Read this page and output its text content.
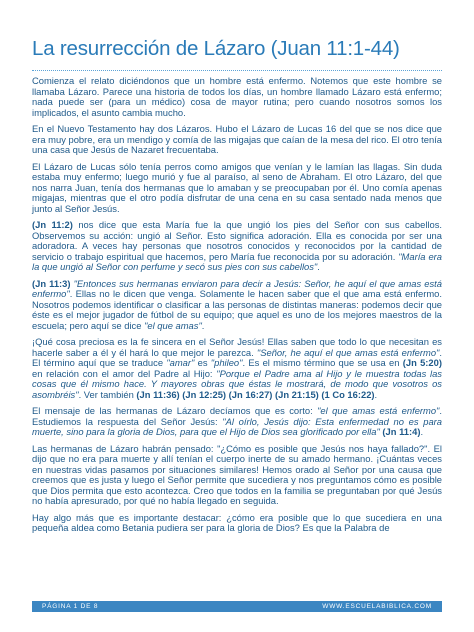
La resurrección de Lázaro (Juan 11:1-44)

Comienza el relato diciéndonos que un hombre está enfermo. Notemos que este hombre se llamaba Lázaro. Parece una historia de todos los días, un hombre llamado Lázaro está enfermo; nada puede ser (para un médico) cosa de mayor rutina; pero cuando nosotros somos los implicados, el asunto cambia mucho.

En el Nuevo Testamento hay dos Lázaros. Hubo el Lázaro de Lucas 16 del que se nos dice que era muy pobre, era un mendigo y comía de las migajas que caían de la mesa del rico. El otro tenía una casa que Jesús de Nazaret frecuentaba.

El Lázaro de Lucas sólo tenía perros como amigos que venían y le lamían las llagas. Sin duda estaba muy enfermo; luego murió y fue al paraíso, al seno de Abraham. El otro Lázaro, del que nos narra Juan, tenía dos hermanas que lo amaban y se preocupaban por él. Uno comía apenas migajas, mientras que el otro podía disfrutar de una cena en su casa sentado nada menos que junto al Señor Jesús.

(Jn 11:2) nos dice que esta María fue la que ungió los pies del Señor con sus cabellos. Observemos su acción: ungió al Señor. Esto significa adoración. Ella es conocida por ser una adoradora. A veces hay personas que nosotros conocidos y reconocidos por la cantidad de servicio o trabajo espiritual que hacemos, pero María fue reconocida por su adoración. "María era la que ungió al Señor con perfume y secó sus pies con sus cabellos".

(Jn 11:3) "Entonces sus hermanas enviaron para decir a Jesús: Señor, he aquí el que amas está enfermo". Ellas no le dicen que venga. Solamente le hacen saber que el que ama está enfermo. Nosotros podemos identificar o clasificar a las personas de distintas maneras: podemos decir que éste es el mejor jugador de fútbol de su equipo; que aquel es uno de los mejores maestros de la escuela; pero aquí se dice "el que amas".

¡Qué cosa preciosa es la fe sincera en el Señor Jesús! Ellas saben que todo lo que necesitan es hacerle saber a él y él hará lo que mejor le parezca. "Señor, he aquí el que amas está enfermo". El término aquí que se traduce "amar" es "phileo". Es el mismo término que se usa en (Jn 5:20) en relación con el amor del Padre al Hijo: "Porque el Padre ama al Hijo y le muestra todas las cosas que él mismo hace. Y mayores obras que éstas le mostrará, de modo que vosotros os asombréis". Ver también (Jn 11:36) (Jn 12:25) (Jn 16:27) (Jn 21:15) (1 Co 16:22).

El mensaje de las hermanas de Lázaro decíamos que es corto: "el que amas está enfermo". Estudiemos la respuesta del Señor Jesús: "Al oírlo, Jesús dijo: Esta enfermedad no es para muerte, sino para la gloria de Dios, para que el Hijo de Dios sea glorificado por ella" (Jn 11:4).

Las hermanas de Lázaro habrán pensado: "¿Cómo es posible que Jesús nos haya fallado?". El dijo que no era para muerte y allí tenían el cuerpo inerte de su amado hermano. ¡Cuántas veces en nuestras vidas pasamos por situaciones similares! Hemos orado al Señor por una causa que creemos que es justa y luego el Señor permite que sucediera y nos preguntamos cómo es posible que Dios permita que esto acontezca. Creo que todos en la familia se preguntaban por qué Jesús no había apresurado, por qué no había llegado en seguida.

Hay algo más que es importante destacar: ¿cómo era posible que lo que sucediera en una pequeña aldea como Betania pudiera ser para la gloria de Dios? Es que la Palabra de

PÁGINA 1 DE 8	WWW.ESCUELABIBLICA.COM
